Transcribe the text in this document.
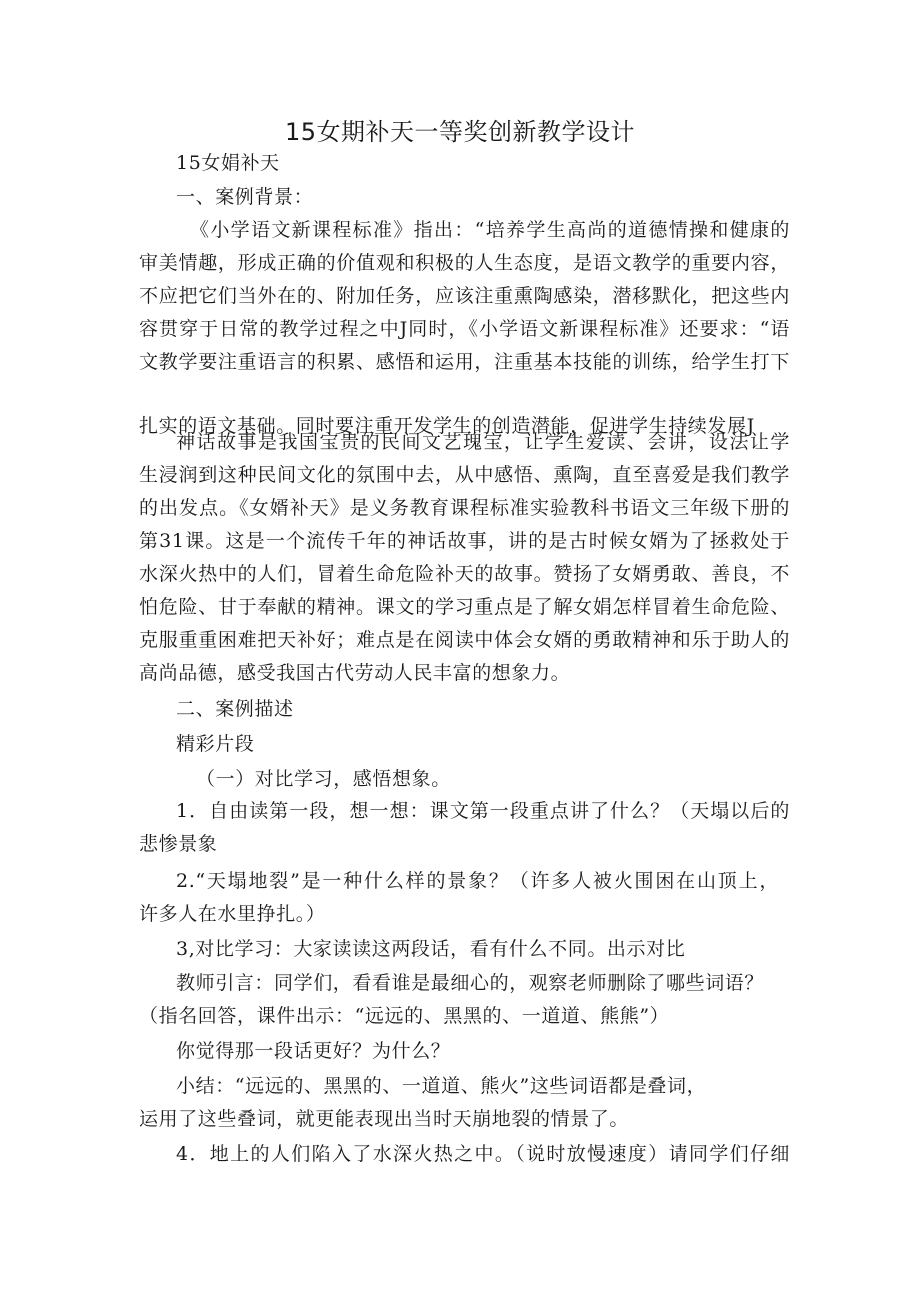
15女期补天一等奖创新教学设计
15女娟补天
一、案例背景：
《小学语文新课程标准》指出：“培养学生高尚的道德情操和健康的
审美情趣，形成正确的价值观和积极的人生态度，是语文教学的重要内容，
不应把它们当外在的、附加任务，应该注重熏陶感染，潜移默化，把这些内
容贯穿于日常的教学过程之中J同时，《小学语文新课程标准》还要求：“语
文教学要注重语言的积累、感悟和运用，注重基本技能的训练，给学生打下
扎实的语文基础。同时要注重开发学生的创造潜能，促进学生持续发展J
神话故事是我国宝贵的民间文艺瑰宝，让学生爱读、会讲，设法让学
生浸润到这种民间文化的氛围中去，从中感悟、熏陶，直至喜爱是我们教学
的出发点。《女婿补天》是义务教育课程标准实验教科书语文三年级下册的
第31课。这是一个流传千年的神话故事，讲的是古时候女婿为了拯救处于
水深火热中的人们，冒着生命危险补天的故事。赞扬了女婿勇敢、善良，不
怕危险、甘于奉献的精神。课文的学习重点是了解女娟怎样冒着生命危险、
克服重重困难把天补好；难点是在阅读中体会女婿的勇敢精神和乐于助人的
高尚品德，感受我国古代劳动人民丰富的想象力。
二、案例描述
精彩片段
（一）对比学习，感悟想象。
1．自由读第一段，想一想：课文第一段重点讲了什么？（天塌以后的
悲惨景象
2.“天塌地裂”是一种什么样的景象？（许多人被火围困在山顶上，
许多人在水里挣扎。）
3,对比学习：大家读读这两段话，看有什么不同。出示对比
教师引言：同学们，看看谁是最细心的，观察老师删除了哪些词语？
（指名回答，课件出示：“远远的、黑黑的、一道道、熊熊”）
你觉得那一段话更好？为什么？
小结：“远远的、黑黑的、一道道、熊火”这些词语都是叠词，
运用了这些叠词，就更能表现出当时天崩地裂的情景了。
4．地上的人们陷入了水深火热之中。（说时放慢速度）请同学们仔细
